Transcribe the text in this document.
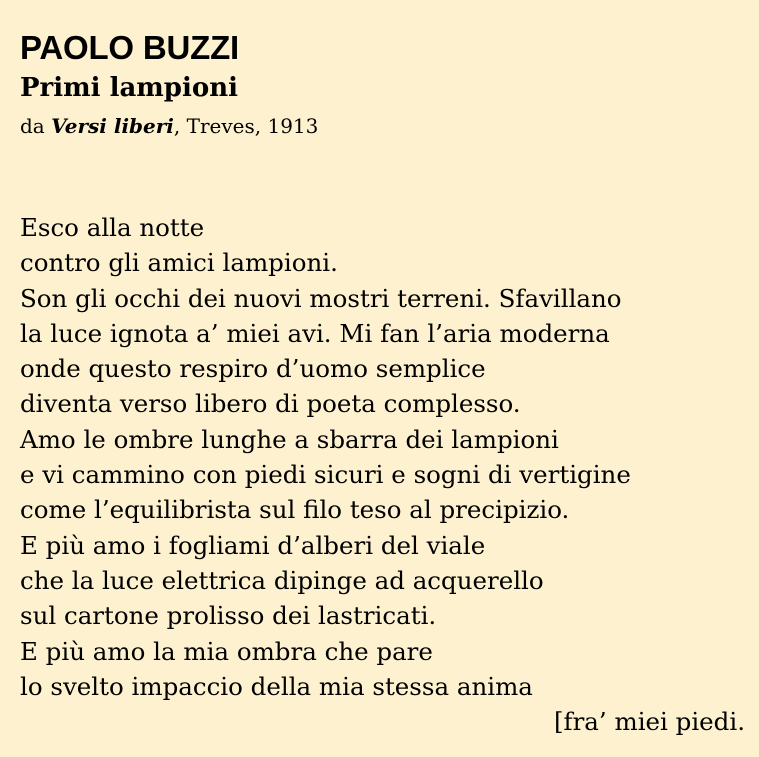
PAOLO BUZZI
Primi lampioni

da Versi liberi, Treves, 1913

Esco alla notte
contro gli amici lampioni.
Son gli occhi dei nuovi mostri terreni. Sfavillano
la luce ignota a’ miei avi. Mi fan l’aria moderna
onde questo respiro d’uomo semplice
diventa verso libero di poeta complesso.
Amo le ombre lunghe a sbarra dei lampioni
e vi cammino con piedi sicuri e sogni di vertigine
come l’equilibrista sul filo teso al precipizio.
E più amo i fogliami d’alberi del viale
che la luce elettrica dipinge ad acquerello
sul cartone prolisso dei lastricati.
E più amo la mia ombra che pare
lo svelto impaccio della mia stessa anima
[fra’ miei piedi.
